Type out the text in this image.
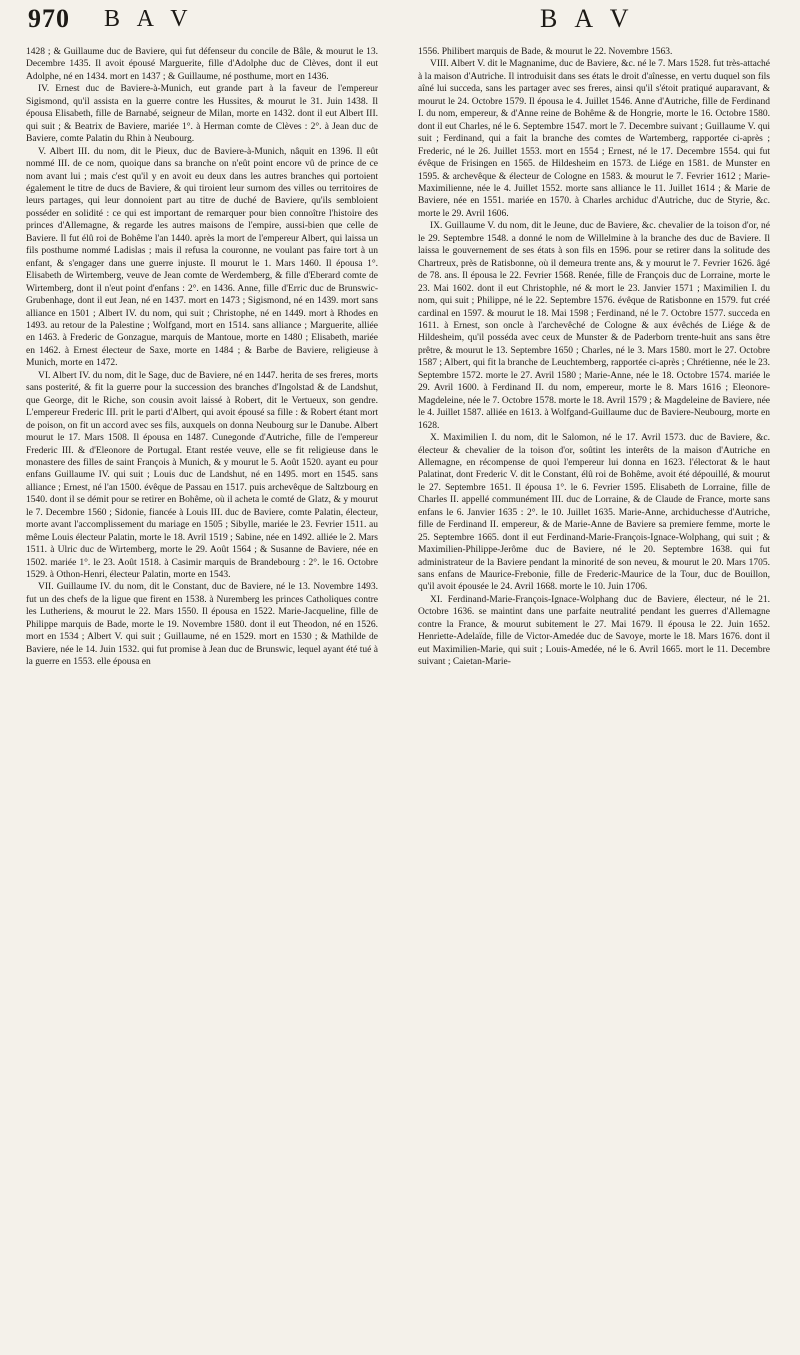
970 B A V	B A V

1428 ; & Guillaume duc de Baviere, qui fut défenseur du concile de Bâle, & mourut le 13. Decembre 1435. Il avoit épousé Marguerite, fille d'Adolphe duc de Clèves, dont il eut Adolphe, né en 1434. mort en 1437 ; & Guillaume, né posthume, mort en 1436.

IV. Ernest duc de Baviere-à-Munich, eut grande part à la faveur de l'empereur Sigismond, qu'il assista en la guerre contre les Hussites, & mourut le 31. Juin 1438. Il épousa Elisabeth, fille de Barnabé, seigneur de Milan, morte en 1432. dont il eut Albert III. qui suit ; & Beatrix de Baviere, mariée 1°. à Herman comte de Clèves : 2°. à Jean duc de Baviere, comte Palatin du Rhin à Neubourg.

V. Albert III. du nom, dit le Pieux, duc de Baviere-à-Munich, nâquit en 1396. Il eût nommé III. de ce nom, quoique dans sa branche on n'eût point encore vû de prince de ce nom avant lui ; mais c'est qu'il y en avoit eu deux dans les autres branches qui portoient également le titre de ducs de Baviere, & qui tiroient leur surnom des villes ou territoires de leurs partages, qui leur donnoient part au titre de duché de Baviere, qu'ils sembloient posséder en solidité : ce qui est important de remarquer pour bien connoître l'histoire des princes d'Allemagne, & regarde les autres maisons de l'empire, aussi-bien que celle de Baviere. Il fut élû roi de Bohême l'an 1440. après la mort de l'empereur Albert, qui laissa un fils posthume nommé Ladislas ; mais il refusa la couronne, ne voulant pas faire tort à un enfant, & s'engager dans une guerre injuste. Il mourut le 1. Mars 1460. Il épousa 1°. Elisabeth de Wirtemberg, veuve de Jean comte de Werdemberg, & fille d'Eberard comte de Wirtemberg, dont il n'eut point d'enfans : 2°. en 1436. Anne, fille d'Erric duc de Brunswic-Grubenhage, dont il eut Jean, né en 1437. mort en 1473 ; Sigismond, né en 1439. mort sans alliance en 1501 ; Albert IV. du nom, qui suit ; Christophe, né en 1449. mort à Rhodes en 1493. au retour de la Palestine ; Wolfgand, mort en 1514. sans alliance ; Marguerite, alliée en 1463. à Frederic de Gonzague, marquis de Mantoue, morte en 1480 ; Elisabeth, mariée en 1462. à Ernest électeur de Saxe, morte en 1484 ; & Barbe de Baviere, religieuse à Munich, morte en 1472.

VI. Albert IV. du nom, dit le Sage, duc de Baviere, né en 1447. herita de ses freres, morts sans posterité, & fit la guerre pour la succession des branches d'Ingolstad & de Landshut, que George, dit le Riche, son cousin avoit laissé à Robert, dit le Vertueux, son gendre. L'empereur Frederic III. prit le parti d'Albert, qui avoit épousé sa fille : & Robert étant mort de poison, on fit un accord avec ses fils, auxquels on donna Neubourg sur le Danube. Albert mourut le 17. Mars 1508. Il épousa en 1487. Cunegonde d'Autriche, fille de l'empereur Frederic III. & d'Eleonore de Portugal. Etant restée veuve, elle se fit religieuse dans le monastere des filles de saint François à Munich, & y mourut le 5. Août 1520. ayant eu pour enfans Guillaume IV. qui suit ; Louis duc de Landshut, né en 1495. mort en 1545. sans alliance ; Ernest, né l'an 1500. évêque de Passau en 1517. puis archevêque de Saltzbourg en 1540. dont il se démit pour se retirer en Bohême, où il acheta le comté de Glatz, & y mourut le 7. Decembre 1560 ; Sidonie, fiancée à Louis III. duc de Baviere, comte Palatin, électeur, morte avant l'accomplissement du mariage en 1505 ; Sibylle, mariée le 23. Fevrier 1511. au même Louis électeur Palatin, morte le 18. Avril 1519 ; Sabine, née en 1492. alliée le 2. Mars 1511. à Ulric duc de Wirtemberg, morte le 29. Août 1564 ; & Susanne de Baviere, née en 1502. mariée 1°. le 23. Août 1518. à Casimir marquis de Brandebourg : 2°. le 16. Octobre 1529. à Othon-Henri, électeur Palatin, morte en 1543.

VII. Guillaume IV. du nom, dit le Constant, duc de Baviere, né le 13. Novembre 1493. fut un des chefs de la ligue que firent en 1538. à Nuremberg les princes Catholiques contre les Lutheriens, & mourut le 22. Mars 1550. Il épousa en 1522. Marie-Jacqueline, fille de Philippe marquis de Bade, morte le 19. Novembre 1580. dont il eut Theodon, né en 1526. mort en 1534 ; Albert V. qui suit ; Guillaume, né en 1529. mort en 1530 ; & Mathilde de Baviere, née le 14. Juin 1532. qui fut promise à Jean duc de Brunswic, lequel ayant été tué à la guerre en 1553. elle épousa en

1556. Philibert marquis de Bade, & mourut le 22. Novembre 1563.

VIII. Albert V. dit le Magnanime, duc de Baviere, &c. né le 7. Mars 1528. fut très-attaché à la maison d'Autriche. Il introduisit dans ses états le droit d'aînesse, en vertu duquel son fils aîné lui succeda, sans les partager avec ses freres, ainsi qu'il s'étoit pratiqué auparavant, & mourut le 24. Octobre 1579. Il épousa le 4. Juillet 1546. Anne d'Autriche, fille de Ferdinand I. du nom, empereur, & d'Anne reine de Bohême & de Hongrie, morte le 16. Octobre 1580. dont il eut Charles, né le 6. Septembre 1547. mort le 7. Decembre suivant ; Guillaume V. qui suit ; Ferdinand, qui a fait la branche des comtes de Wartemberg, rapportée ci-après ; Frederic, né le 26. Juillet 1553. mort en 1554 ; Ernest, né le 17. Decembre 1554. qui fut évêque de Frisingen en 1565. de Hildesheim en 1573. de Liége en 1581. de Munster en 1595. & archevêque & électeur de Cologne en 1583. & mourut le 7. Fevrier 1612 ; Marie-Maximilienne, née le 4. Juillet 1552. morte sans alliance le 11. Juillet 1614 ; & Marie de Baviere, née en 1551. mariée en 1570. à Charles archiduc d'Autriche, duc de Styrie, &c. morte le 29. Avril 1606.

IX. Guillaume V. du nom, dit le Jeune, duc de Baviere, &c. chevalier de la toison d'or, né le 29. Septembre 1548. a donné le nom de Willelmine à la branche des duc de Baviere. Il laissa le gouvernement de ses états à son fils en 1596. pour se retirer dans la solitude des Chartreux, près de Ratisbonne, où il demeura trente ans, & y mourut le 7. Fevrier 1626. âgé de 78. ans. Il épousa le 22. Fevrier 1568. Renée, fille de François duc de Lorraine, morte le 23. Mai 1602. dont il eut Christophle, né & mort le 23. Janvier 1571 ; Maximilien I. du nom, qui suit ; Philippe, né le 22. Septembre 1576. évêque de Ratisbonne en 1579. fut créé cardinal en 1597. & mourut le 18. Mai 1598 ; Ferdinand, né le 7. Octobre 1577. succeda en 1611. à Ernest, son oncle à l'archevêché de Cologne & aux évêchés de Liége & de Hildesheim, qu'il posséda avec ceux de Munster & de Paderborn trente-huit ans sans être prêtre, & mourut le 13. Septembre 1650 ; Charles, né le 3. Mars 1580. mort le 27. Octobre 1587 ; Albert, qui fit la branche de Leuchtemberg, rapportée ci-après ; Chrétienne, née le 23. Septembre 1572. morte le 27. Avril 1580 ; Marie-Anne, née le 18. Octobre 1574. mariée le 29. Avril 1600. à Ferdinand II. du nom, empereur, morte le 8. Mars 1616 ; Eleonore-Magdeleine, née le 7. Octobre 1578. morte le 18. Avril 1579 ; & Magdeleine de Baviere, née le 4. Juillet 1587. alliée en 1613. à Wolfgand-Guillaume duc de Baviere-Neubourg, morte en 1628.

X. Maximilien I. du nom, dit le Salomon, né le 17. Avril 1573. duc de Baviere, &c. électeur & chevalier de la toison d'or, soûtint les interêts de la maison d'Autriche en Allemagne, en récompense de quoi l'empereur lui donna en 1623. l'électorat & le haut Palatinat, dont Frederic V. dit le Constant, élû roi de Bohême, avoit été dépouillé, & mourut le 27. Septembre 1651. Il épousa 1°. le 6. Fevrier 1595. Elisabeth de Lorraine, fille de Charles II. appellé communément III. duc de Lorraine, & de Claude de France, morte sans enfans le 6. Janvier 1635 : 2°. le 10. Juillet 1635. Marie-Anne, archiduchesse d'Autriche, fille de Ferdinand II. empereur, & de Marie-Anne de Baviere sa premiere femme, morte le 25. Septembre 1665. dont il eut Ferdinand-Marie-François-Ignace-Wolphang, qui suit ; & Maximilien-Philippe-Jerôme duc de Baviere, né le 20. Septembre 1638. qui fut administrateur de la Baviere pendant la minorité de son neveu, & mourut le 20. Mars 1705. sans enfans de Maurice-Frebonie, fille de Frederic-Maurice de la Tour, duc de Bouillon, qu'il avoit épousée le 24. Avril 1668. morte le 10. Juin 1706.

XI. Ferdinand-Marie-François-Ignace-Wolphang duc de Baviere, électeur, né le 21. Octobre 1636. se maintint dans une parfaite neutralité pendant les guerres d'Allemagne contre la France, & mourut subitement le 27. Mai 1679. Il épousa le 22. Juin 1652. Henriette-Adelaïde, fille de Victor-Amedée duc de Savoye, morte le 18. Mars 1676. dont il eut Maximilien-Marie, qui suit ; Louis-Amedée, né le 6. Avril 1665. mort le 11. Decembre suivant ; Caietan-Marie-
